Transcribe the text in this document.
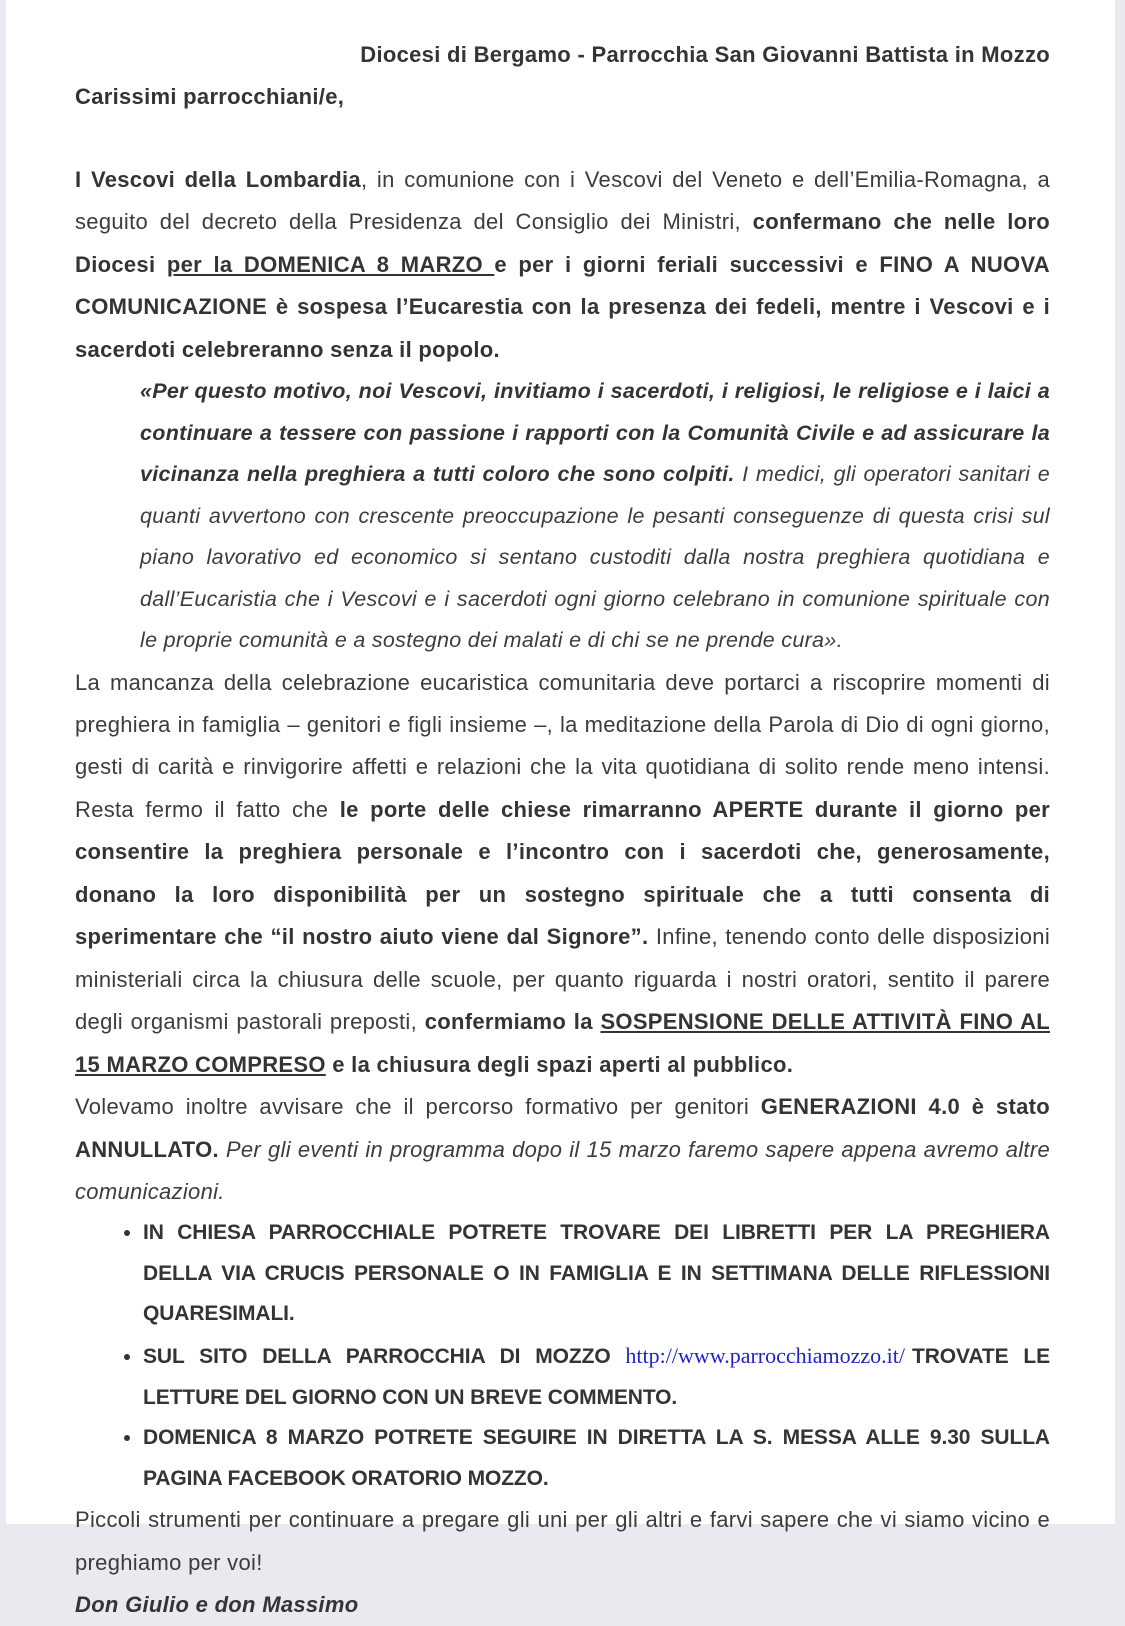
Diocesi di Bergamo - Parrocchia San Giovanni Battista in Mozzo

Carissimi parrocchiani/e,

I Vescovi della Lombardia, in comunione con i Vescovi del Veneto e dell’Emilia-Romagna, a seguito del decreto della Presidenza del Consiglio dei Ministri, confermano che nelle loro Diocesi per la DOMENICA 8 MARZO e per i giorni feriali successivi e FINO A NUOVA COMUNICAZIONE è sospesa l’Eucarestia con la presenza dei fedeli, mentre i Vescovi e i sacerdoti celebreranno senza il popolo.

«Per questo motivo, noi Vescovi, invitiamo i sacerdoti, i religiosi, le religiose e i laici a continuare a tessere con passione i rapporti con la Comunità Civile e ad assicurare la vicinanza nella preghiera a tutti coloro che sono colpiti. I medici, gli operatori sanitari e quanti avvertono con crescente preoccupazione le pesanti conseguenze di questa crisi sul piano lavorativo ed economico si sentano custoditi dalla nostra preghiera quotidiana e dall’Eucaristia che i Vescovi e i sacerdoti ogni giorno celebrano in comunione spirituale con le proprie comunità e a sostegno dei malati e di chi se ne prende cura».

La mancanza della celebrazione eucaristica comunitaria deve portarci a riscoprire momenti di preghiera in famiglia – genitori e figli insieme –, la meditazione della Parola di Dio di ogni giorno, gesti di carità e rinvigorire affetti e relazioni che la vita quotidiana di solito rende meno intensi. Resta fermo il fatto che le porte delle chiese rimarranno APERTE durante il giorno per consentire la preghiera personale e l’incontro con i sacerdoti che, generosamente, donano la loro disponibilità per un sostegno spirituale che a tutti consenta di sperimentare che “il nostro aiuto viene dal Signore”. Infine, tenendo conto delle disposizioni ministeriali circa la chiusura delle scuole, per quanto riguarda i nostri oratori, sentito il parere degli organismi pastorali preposti, confermiamo la SOSPENSIONE DELLE ATTIVITÀ FINO AL 15 MARZO COMPRESO e la chiusura degli spazi aperti al pubblico.

Volevamo inoltre avvisare che il percorso formativo per genitori GENERAZIONI 4.0 è stato ANNULLATO. Per gli eventi in programma dopo il 15 marzo faremo sapere appena avremo altre comunicazioni.

• IN CHIESA PARROCCHIALE POTRETE TROVARE DEI LIBRETTI PER LA PREGHIERA DELLA VIA CRUCIS PERSONALE O IN FAMIGLIA E IN SETTIMANA DELLE RIFLESSIONI QUARESIMALI.
• SUL SITO DELLA PARROCCHIA DI MOZZO http://www.parrocchiamozzo.it/ TROVATE LE LETTURE DEL GIORNO CON UN BREVE COMMENTO.
• DOMENICA 8 MARZO POTRETE SEGUIRE IN DIRETTA LA S. MESSA ALLE 9.30 SULLA PAGINA FACEBOOK ORATORIO MOZZO.

Piccoli strumenti per continuare a pregare gli uni per gli altri e farvi sapere che vi siamo vicino e preghiamo per voi!

Don Giulio e don Massimo
